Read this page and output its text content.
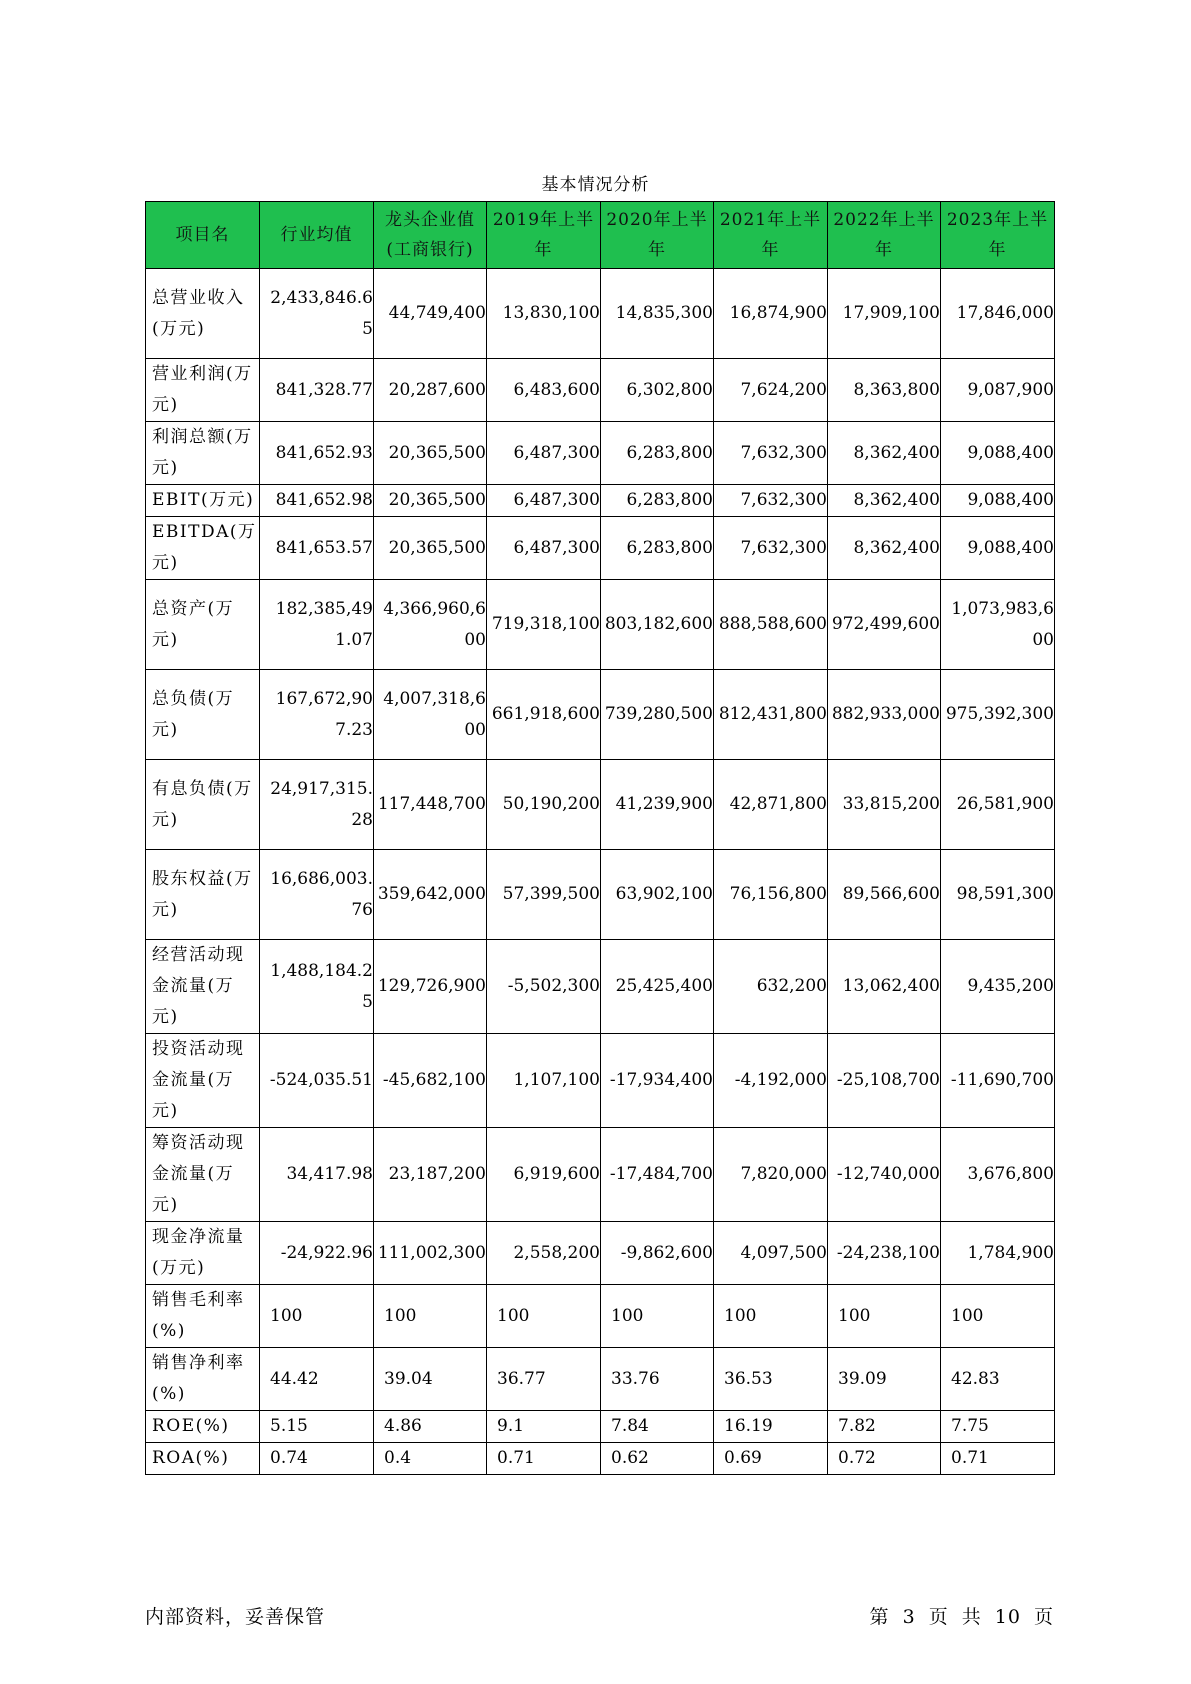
基本情况分析
项目名	行业均值	龙头企业值(工商银行)	2019年上半年	2020年上半年	2021年上半年	2022年上半年	2023年上半年
总营业收入(万元)	2,433,846.65	44,749,400	13,830,100	14,835,300	16,874,900	17,909,100	17,846,000
营业利润(万元)	841,328.77	20,287,600	6,483,600	6,302,800	7,624,200	8,363,800	9,087,900
利润总额(万元)	841,652.93	20,365,500	6,487,300	6,283,800	7,632,300	8,362,400	9,088,400
EBIT(万元)	841,652.98	20,365,500	6,487,300	6,283,800	7,632,300	8,362,400	9,088,400
EBITDA(万元)	841,653.57	20,365,500	6,487,300	6,283,800	7,632,300	8,362,400	9,088,400
总资产(万元)	182,385,491.07	4,366,960,600	719,318,100	803,182,600	888,588,600	972,499,600	1,073,983,600
总负债(万元)	167,672,907.23	4,007,318,600	661,918,600	739,280,500	812,431,800	882,933,000	975,392,300
有息负债(万元)	24,917,315.28	117,448,700	50,190,200	41,239,900	42,871,800	33,815,200	26,581,900
股东权益(万元)	16,686,003.76	359,642,000	57,399,500	63,902,100	76,156,800	89,566,600	98,591,300
经营活动现金流量(万元)	1,488,184.25	129,726,900	-5,502,300	25,425,400	632,200	13,062,400	9,435,200
投资活动现金流量(万元)	-524,035.51	-45,682,100	1,107,100	-17,934,400	-4,192,000	-25,108,700	-11,690,700
筹资活动现金流量(万元)	34,417.98	23,187,200	6,919,600	-17,484,700	7,820,000	-12,740,000	3,676,800
现金净流量(万元)	-24,922.96	111,002,300	2,558,200	-9,862,600	4,097,500	-24,238,100	1,784,900
销售毛利率(%)	100	100	100	100	100	100	100
销售净利率(%)	44.42	39.04	36.77	33.76	36.53	39.09	42.83
ROE(%)	5.15	4.86	9.1	7.84	16.19	7.82	7.75
ROA(%)	0.74	0.4	0.71	0.62	0.69	0.72	0.71
内部资料，妥善保管	第 3 页 共 10 页
